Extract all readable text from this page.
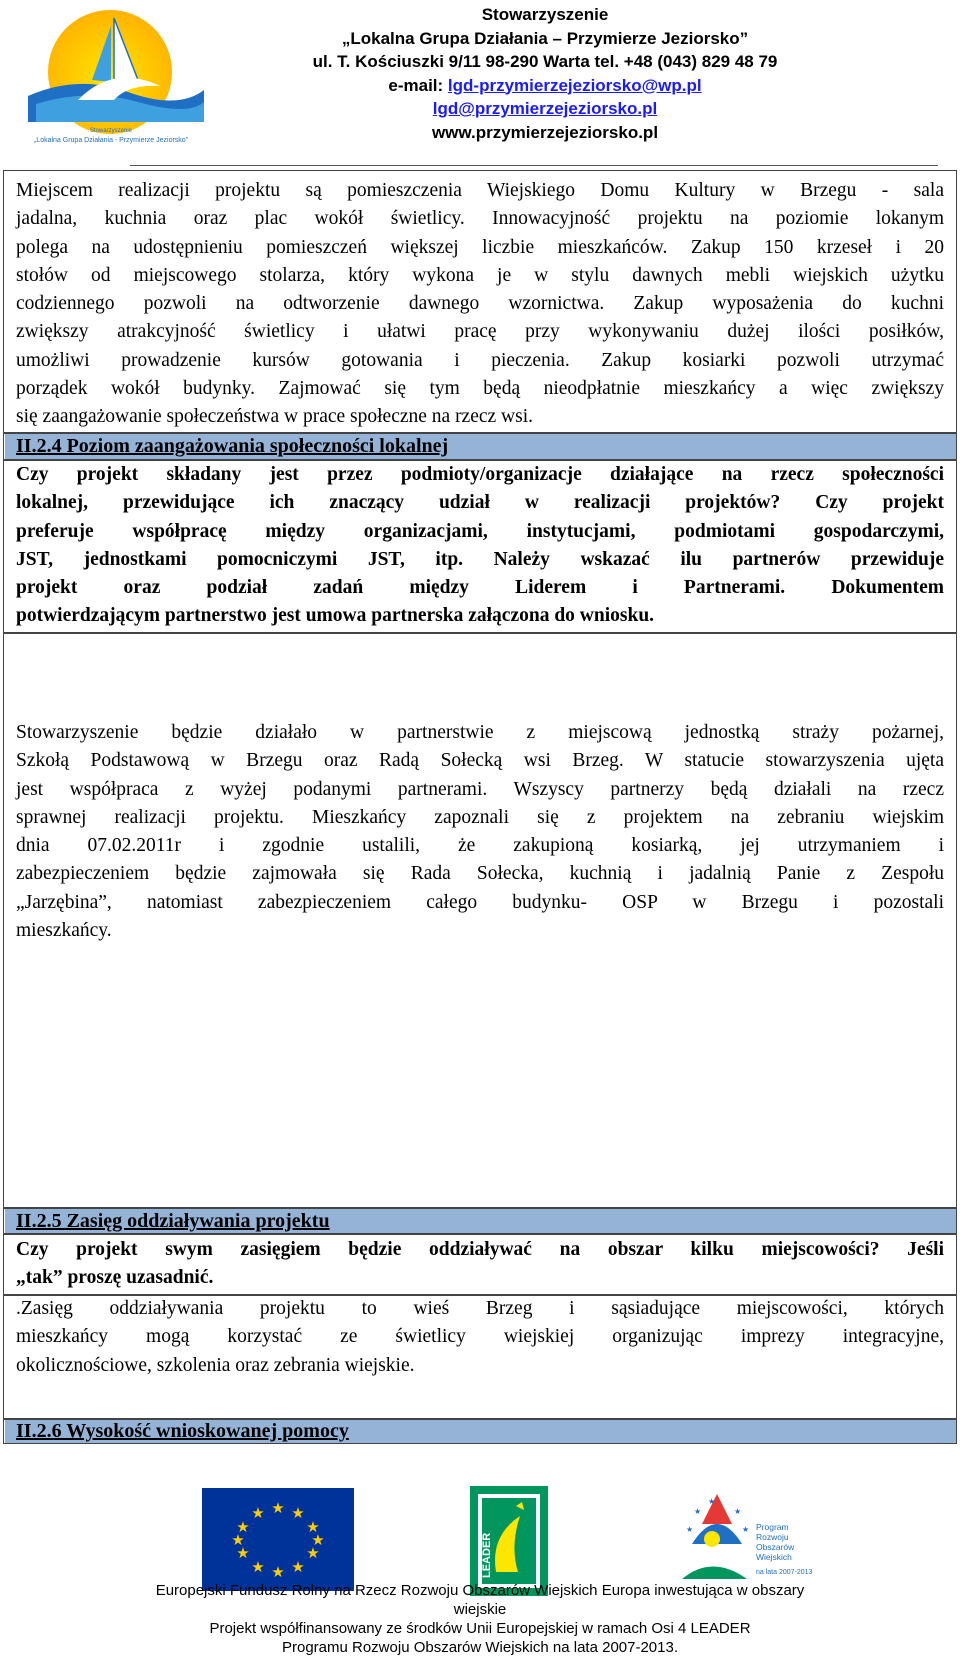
Stowarzyszenie
„Lokalna Grupa Działania - Przymierze Jeziorsko”
Stowarzyszenie
„Lokalna Grupa Działania – Przymierze Jeziorsko”
ul. T. Kościuszki 9/11 98-290 Warta tel. +48 (043) 829 48 79
e-mail: lgd-przymierzejeziorsko@wp.pl
lgd@przymierzejeziorsko.pl
www.przymierzejeziorsko.pl
Miejscem realizacji projektu są pomieszczenia Wiejskiego Domu Kultury w Brzegu - sala
jadalna, kuchnia oraz plac wokół świetlicy. Innowacyjność projektu na poziomie lokanym
polega na udostępnieniu pomieszczeń większej liczbie mieszkańców. Zakup 150 krzeseł i 20
stołów od miejscowego stolarza, który wykona je w stylu dawnych mebli wiejskich użytku
codziennego pozwoli na odtworzenie dawnego wzornictwa. Zakup wyposażenia do kuchni
zwiększy atrakcyjność świetlicy i ułatwi pracę przy wykonywaniu dużej ilości posiłków,
umożliwi prowadzenie kursów gotowania i pieczenia. Zakup kosiarki pozwoli utrzymać
porządek wokół budynky. Zajmować się tym będą nieodpłatnie mieszkańcy a więc zwiększy
się zaangażowanie społeczeństwa w prace społeczne na rzecz wsi.
II.2.4 Poziom zaangażowania społeczności lokalnej
Czy projekt składany jest przez podmioty/organizacje działające na rzecz społeczności
lokalnej, przewidujące ich znaczący udział w realizacji projektów? Czy projekt
preferuje współpracę między organizacjami, instytucjami, podmiotami gospodarczymi,
JST, jednostkami pomocniczymi JST, itp. Należy wskazać ilu partnerów przewiduje
projekt oraz podział zadań między Liderem i Partnerami. Dokumentem
potwierdzającym partnerstwo jest umowa partnerska załączona do wniosku.
Stowarzyszenie będzie działało w partnerstwie z miejscową jednostką straży pożarnej,
Szkołą Podstawową w Brzegu oraz Radą Sołecką wsi Brzeg. W statucie stowarzyszenia ujęta
jest współpraca z wyżej podanymi partnerami. Wszyscy partnerzy będą działali na rzecz
sprawnej realizacji projektu. Mieszkańcy zapoznali się z projektem na zebraniu wiejskim
dnia 07.02.2011r i zgodnie ustalili, że zakupioną kosiarką, jej utrzymaniem i
zabezpieczeniem będzie zajmowała się Rada Sołecka, kuchnią i jadalnią Panie z Zespołu
„Jarzębina”, natomiast zabezpieczeniem całego budynku- OSP w Brzegu i pozostali
mieszkańcy.
II.2.5 Zasięg oddziaływania projektu
Czy projekt swym zasięgiem będzie oddziaływać na obszar kilku miejscowości? Jeśli
„tak” proszę uzasadnić.
.Zasięg oddziaływania projektu to wieś Brzeg i sąsiadujące miejscowości, których
mieszkańcy mogą korzystać ze świetlicy wiejskiej organizując imprezy integracyjne,
okolicznościowe, szkolenia oraz zebrania wiejskie.
II.2.6 Wysokość wnioskowanej pomocy
★ ★
★
★
★
★
★
★
★
★
★
★
LEADER
★	★
★	★
★
Program
Rozwoju
Obszarów
Wiejskich
na lata 2007-2013
Europejski Fundusz Rolny na Rzecz Rozwoju Obszarów Wiejskich Europa inwestująca w obszary
wiejskie
Projekt współfinansowany ze środków Unii Europejskiej w ramach Osi 4 LEADER
Programu Rozwoju Obszarów Wiejskich na lata 2007-2013.
